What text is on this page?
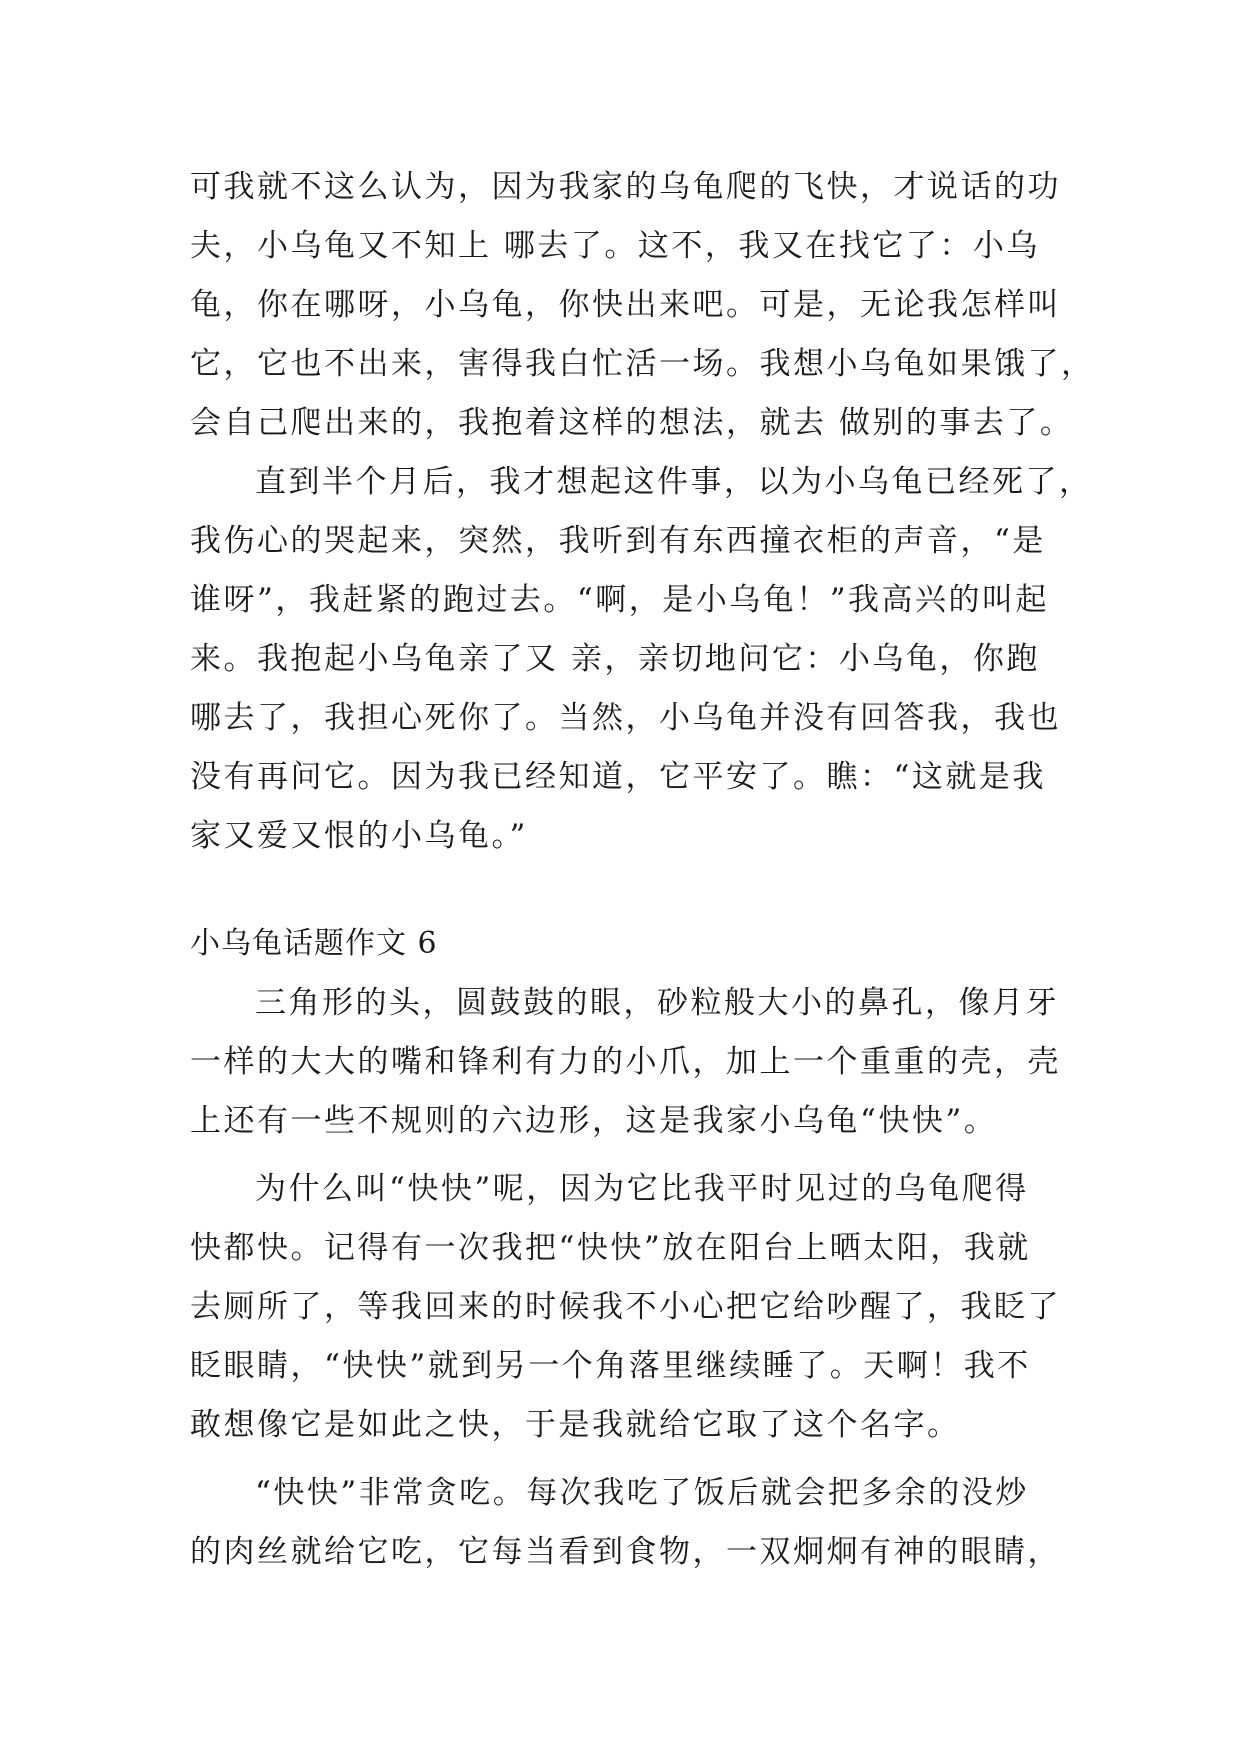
可我就不这么认为，因为我家的乌龟爬的飞快，才说话的功
夫，小乌龟又不知上 哪去了。这不，我又在找它了：小乌
龟，你在哪呀，小乌龟，你快出来吧。可是，无论我怎样叫
它，它也不出来，害得我白忙活一场。我想小乌龟如果饿了，
会自己爬出来的，我抱着这样的想法，就去 做别的事去了。
直到半个月后，我才想起这件事，以为小乌龟已经死了，
我伤心的哭起来，突然，我听到有东西撞衣柜的声音，“是
谁呀”，我赶紧的跑过去。“啊，是小乌龟！”我高兴的叫起
来。我抱起小乌龟亲了又 亲，亲切地问它：小乌龟，你跑
哪去了，我担心死你了。当然，小乌龟并没有回答我，我也
没有再问它。因为我已经知道，它平安了。瞧：“这就是我
家又爱又恨的小乌龟。”
小乌龟话题作文 6
三角形的头，圆鼓鼓的眼，砂粒般大小的鼻孔，像月牙
一样的大大的嘴和锋利有力的小爪，加上一个重重的壳，壳
上还有一些不规则的六边形，这是我家小乌龟“快快”。
为什么叫“快快”呢，因为它比我平时见过的乌龟爬得
快都快。记得有一次我把“快快”放在阳台上晒太阳，我就
去厕所了，等我回来的时候我不小心把它给吵醒了，我眨了
眨眼睛，“快快”就到另一个角落里继续睡了。天啊！我不
敢想像它是如此之快，于是我就给它取了这个名字。
“快快”非常贪吃。每次我吃了饭后就会把多余的没炒
的肉丝就给它吃，它每当看到食物，一双炯炯有神的眼睛，
